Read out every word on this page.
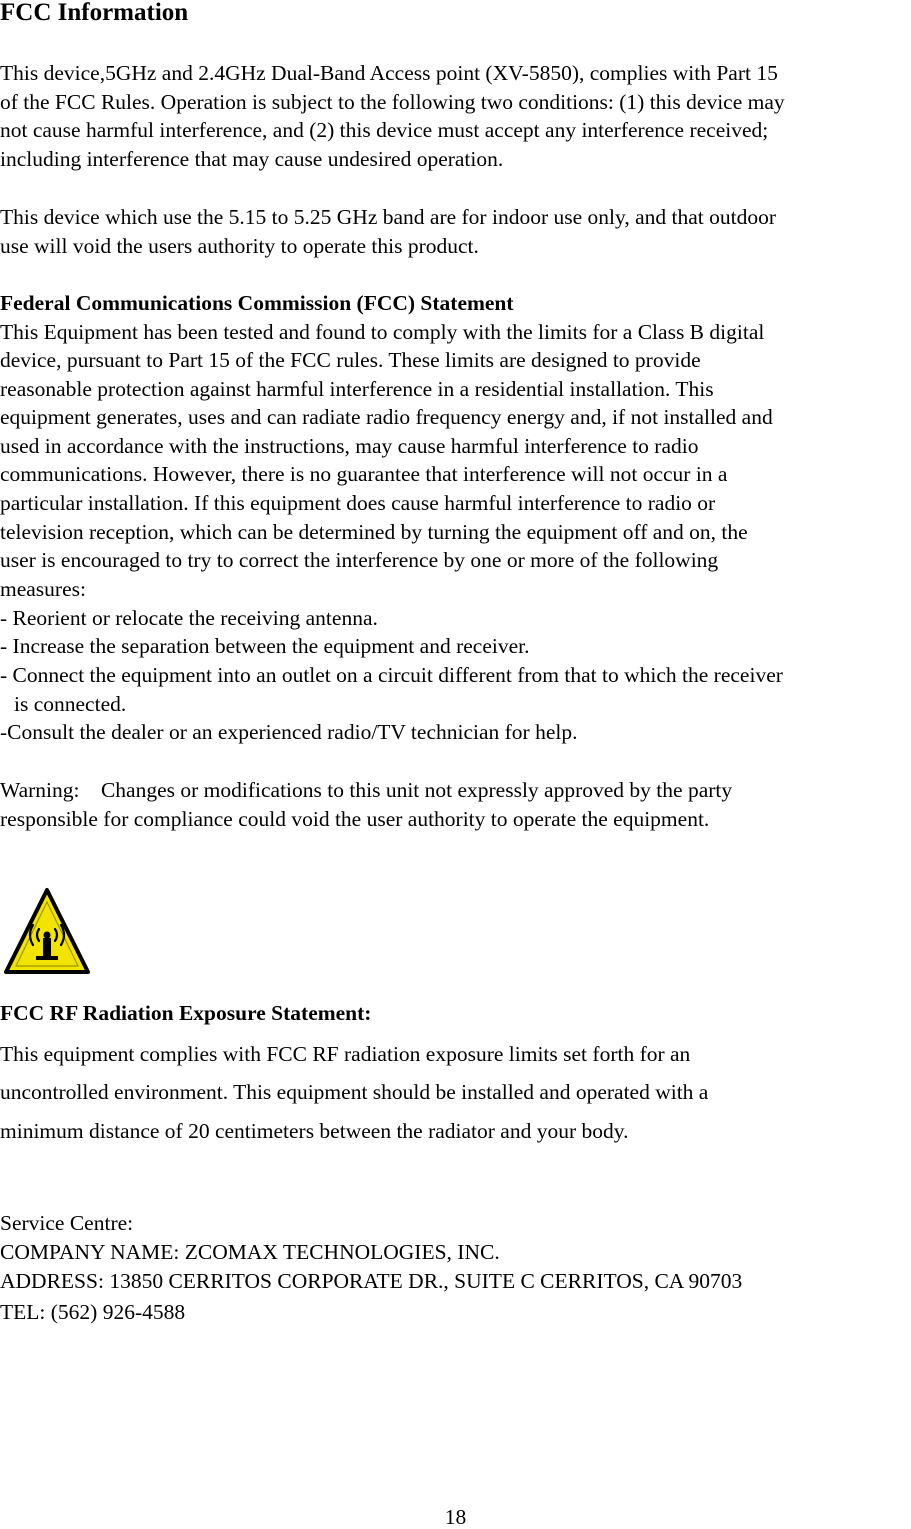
FCC Information

This device,5GHz and 2.4GHz Dual-Band Access point (XV-5850), complies with Part 15

of the FCC Rules. Operation is subject to the following two conditions: (1) this device may

not cause harmful interference, and (2) this device must accept any interference received;

including interference that may cause undesired operation.

This device which use the 5.15 to 5.25 GHz band are for indoor use only, and that outdoor

use will void the users authority to operate this product.

Federal Communications Commission (FCC) Statement

This Equipment has been tested and found to comply with the limits for a Class B digital

device, pursuant to Part 15 of the FCC rules. These limits are designed to provide

reasonable protection against harmful interference in a residential installation. This

equipment generates, uses and can radiate radio frequency energy and, if not installed and

used in accordance with the instructions, may cause harmful interference to radio

communications. However, there is no guarantee that interference will not occur in a

particular installation. If this equipment does cause harmful interference to radio or

television reception, which can be determined by turning the equipment off and on, the

user is encouraged to try to correct the interference by one or more of the following

measures:

- Reorient or relocate the receiving antenna.

- Increase the separation between the equipment and receiver.

- Connect the equipment into an outlet on a circuit different from that to which the receiver

is connected.

-Consult the dealer or an experienced radio/TV technician for help.

Warning:    Changes or modifications to this unit not expressly approved by the party

responsible for compliance could void the user authority to operate the equipment.

FCC RF Radiation Exposure Statement:

This equipment complies with FCC RF radiation exposure limits set forth for an

uncontrolled environment. This equipment should be installed and operated with a

minimum distance of 20 centimeters between the radiator and your body.

Service Centre:

COMPANY NAME: ZCOMAX TECHNOLOGIES, INC.

ADDRESS: 13850 CERRITOS CORPORATE DR., SUITE C CERRITOS, CA 90703

TEL: (562) 926-4588

18
